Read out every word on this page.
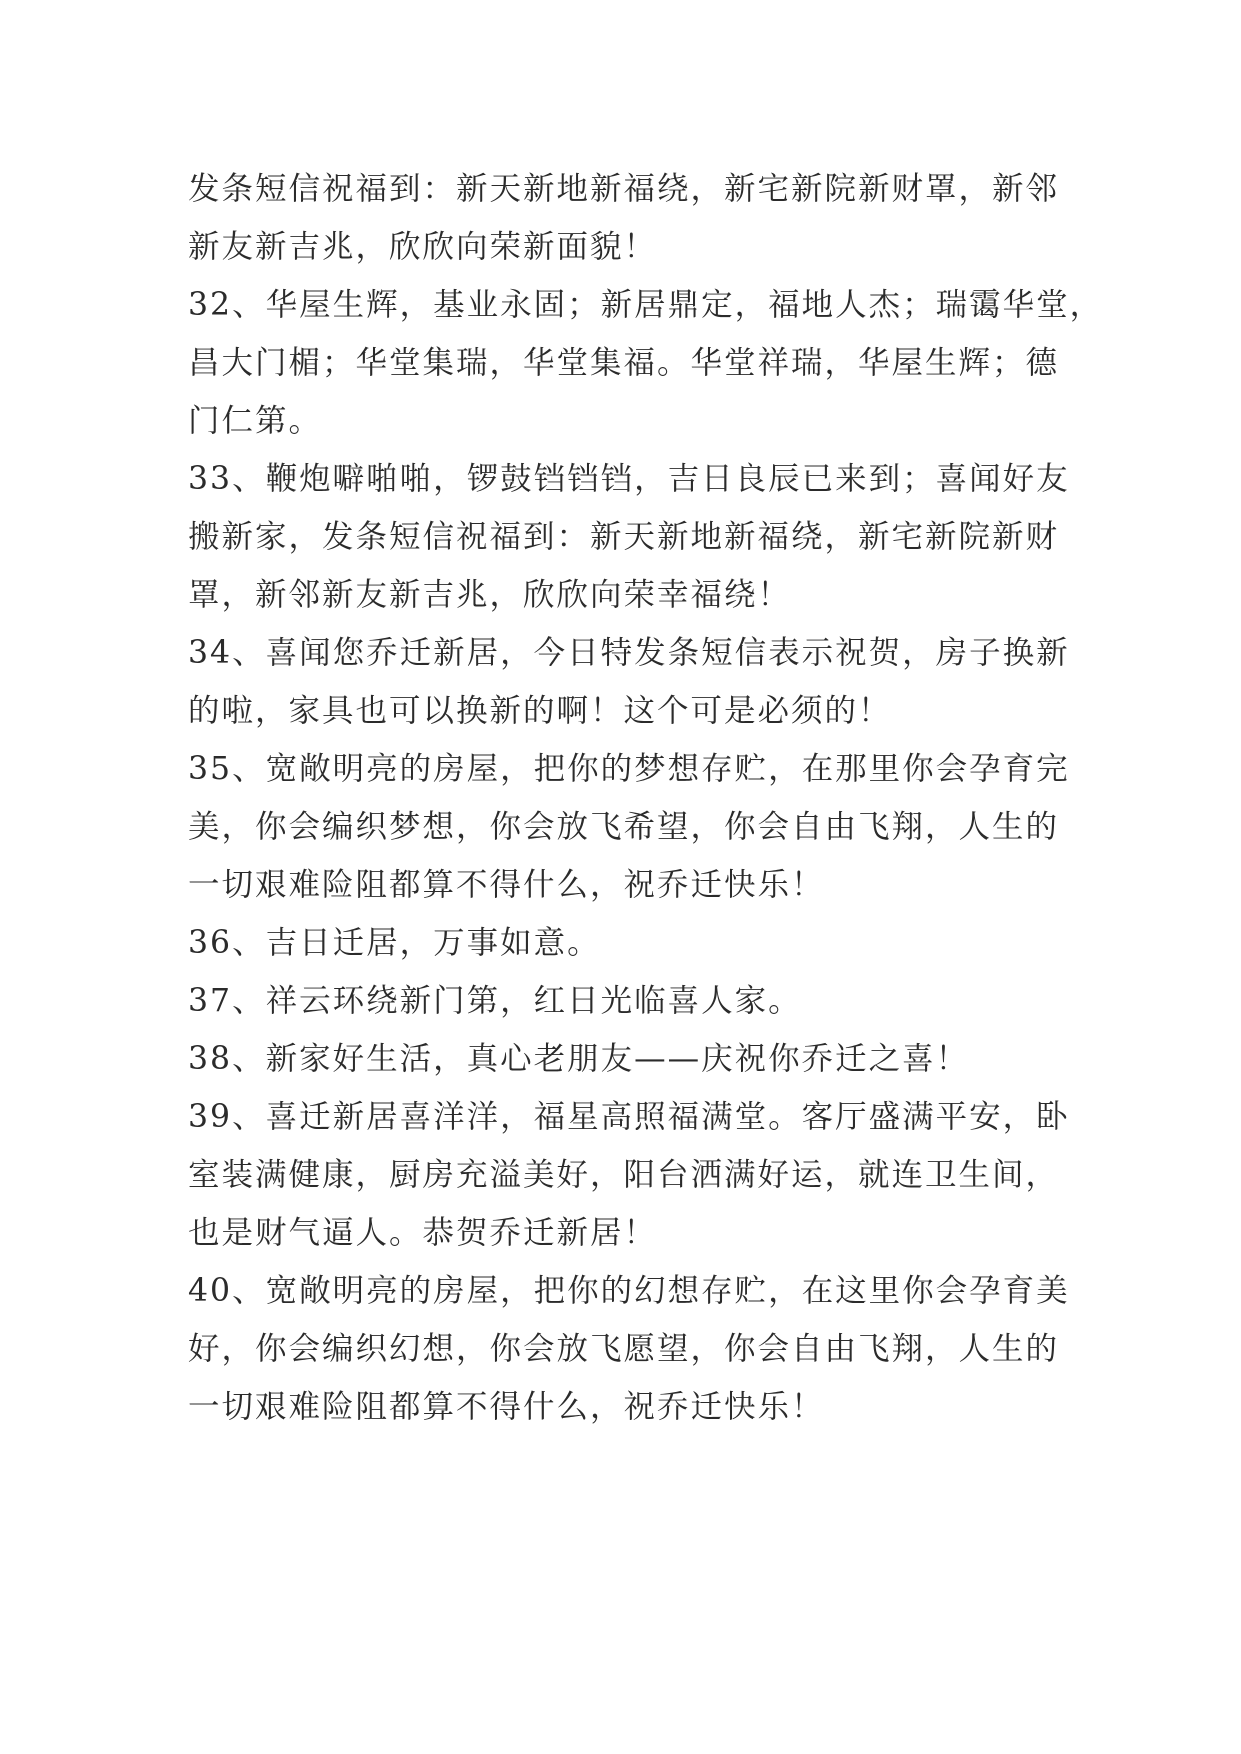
发条短信祝福到：新天新地新福绕，新宅新院新财罩，新邻
新友新吉兆，欣欣向荣新面貌！
32、华屋生辉，基业永固；新居鼎定，福地人杰；瑞霭华堂，
昌大门楣；华堂集瑞，华堂集福。华堂祥瑞，华屋生辉；德
门仁第。
33、鞭炮噼啪啪，锣鼓铛铛铛，吉日良辰已来到；喜闻好友
搬新家，发条短信祝福到：新天新地新福绕，新宅新院新财
罩，新邻新友新吉兆，欣欣向荣幸福绕！
34、喜闻您乔迁新居，今日特发条短信表示祝贺，房子换新
的啦，家具也可以换新的啊！这个可是必须的！
35、宽敞明亮的房屋，把你的梦想存贮，在那里你会孕育完
美，你会编织梦想，你会放飞希望，你会自由飞翔，人生的
一切艰难险阻都算不得什么，祝乔迁快乐！
36、吉日迁居，万事如意。
37、祥云环绕新门第，红日光临喜人家。
38、新家好生活，真心老朋友——庆祝你乔迁之喜！
39、喜迁新居喜洋洋，福星高照福满堂。客厅盛满平安，卧
室装满健康，厨房充溢美好，阳台洒满好运，就连卫生间，
也是财气逼人。恭贺乔迁新居！
40、宽敞明亮的房屋，把你的幻想存贮，在这里你会孕育美
好，你会编织幻想，你会放飞愿望，你会自由飞翔，人生的
一切艰难险阻都算不得什么，祝乔迁快乐！
